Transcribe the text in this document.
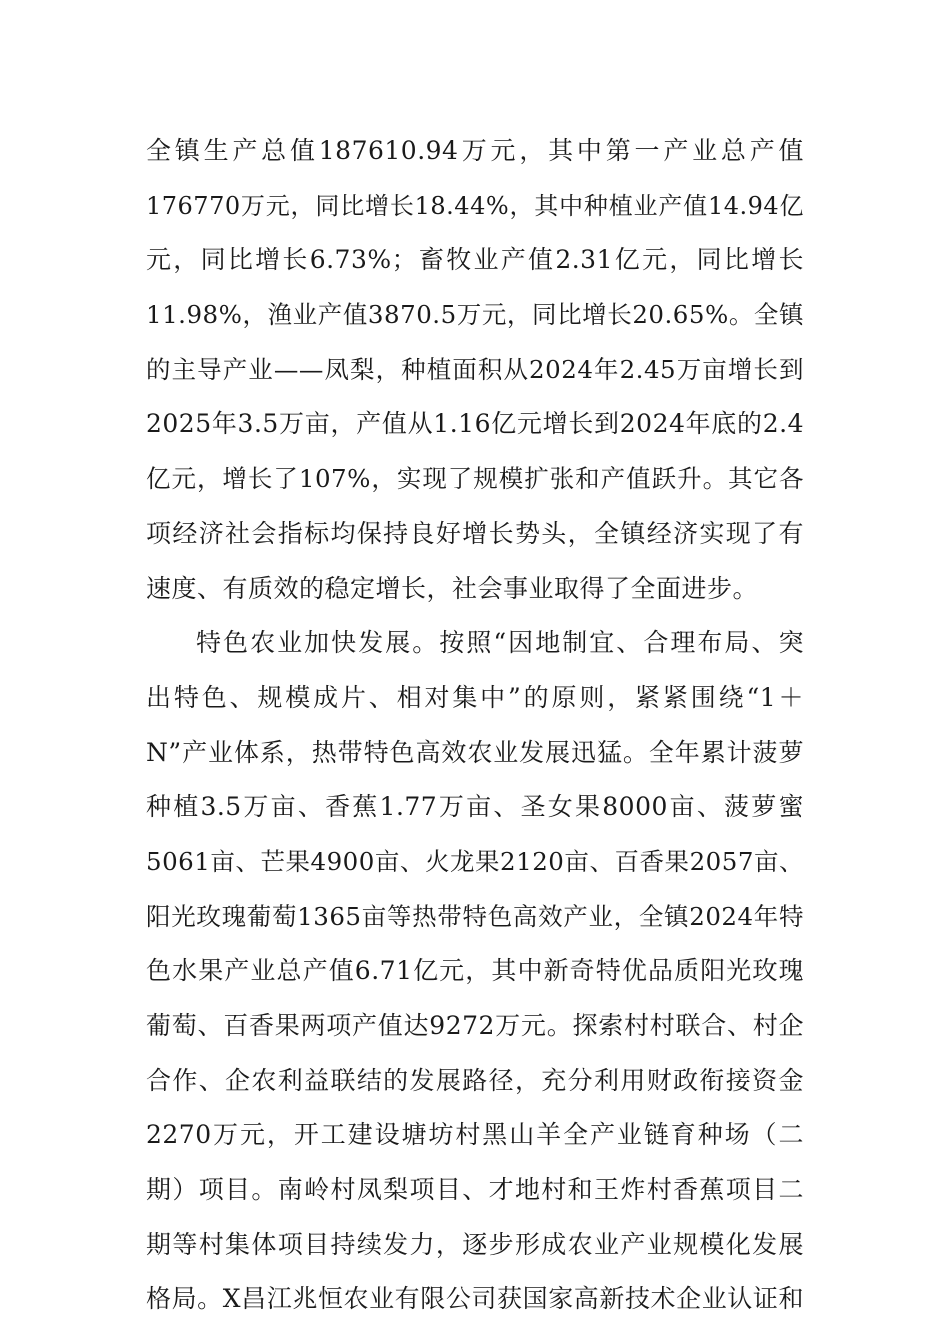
全镇生产总值187610.94万元，其中第一产业总产值
176770万元，同比增长18.44%，其中种植业产值14.94亿
元，同比增长6.73%；畜牧业产值2.31亿元，同比增长
11.98%，渔业产值3870.5万元，同比增长20.65%。全镇
的主导产业——凤梨，种植面积从2024年2.45万亩增长到
2025年3.5万亩，产值从1.16亿元增长到2024年底的2.4
亿元，增长了107%，实现了规模扩张和产值跃升。其它各
项经济社会指标均保持良好增长势头，全镇经济实现了有
速度、有质效的稳定增长，社会事业取得了全面进步。
特色农业加快发展。按照“因地制宜、合理布局、突
出特色、规模成片、相对集中”的原则，紧紧围绕“1＋
N”产业体系，热带特色高效农业发展迅猛。全年累计菠萝
种植3.5万亩、香蕉1.77万亩、圣女果8000亩、菠萝蜜
5061亩、芒果4900亩、火龙果2120亩、百香果2057亩、
阳光玫瑰葡萄1365亩等热带特色高效产业，全镇2024年特
色水果产业总产值6.71亿元，其中新奇特优品质阳光玫瑰
葡萄、百香果两项产值达9272万元。探索村村联合、村企
合作、企农利益联结的发展路径，充分利用财政衔接资金
2270万元，开工建设塘坊村黑山羊全产业链育种场（二
期）项目。南岭村凤梨项目、才地村和王炸村香蕉项目二
期等村集体项目持续发力，逐步形成农业产业规模化发展
格局。X昌江兆恒农业有限公司获国家高新技术企业认证和
